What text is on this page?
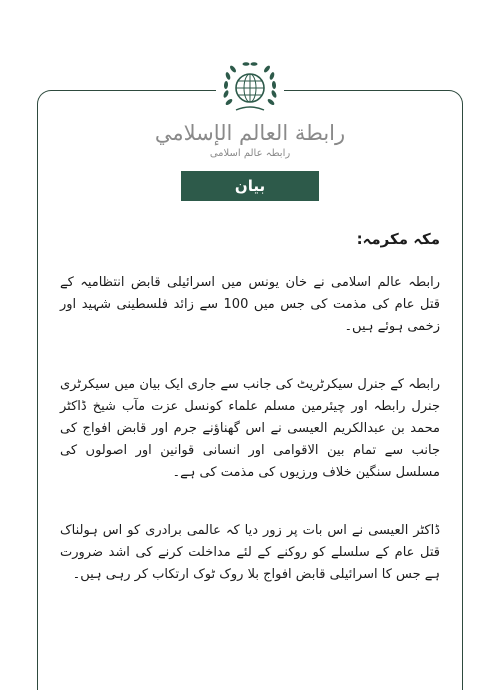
رابطة العالم الإسلامي
رابطہ عالم اسلامی
بیان

مکہ مکرمہ:

رابطہ عالم اسلامی نے خان یونس میں اسرائیلی قابض انتظامیہ کے قتل عام کی مذمت کی جس میں 100 سے زائد فلسطینی شہید اور زخمی ہوئے ہیں۔

رابطہ کے جنرل سیکرٹریٹ کی جانب سے جاری ایک بیان میں سیکرٹری جنرل رابطہ اور چیئرمین مسلم علماء کونسل عزت مآب شیخ ڈاکٹر محمد بن عبدالکریم العیسی نے اس گھناؤنے جرم اور قابض افواج کی جانب سے تمام بین الاقوامی اور انسانی قوانین اور اصولوں کی مسلسل سنگین خلاف ورزیوں کی مذمت کی ہے۔

ڈاکٹر العیسی نے اس بات پر زور دیا کہ عالمی برادری کو اس ہولناک قتل عام کے سلسلے کو روکنے کے لئے مداخلت کرنے کی اشد ضرورت ہے جس کا اسرائیلی قابض افواج بلا روک ٹوک ارتکاب کر رہی ہیں۔
